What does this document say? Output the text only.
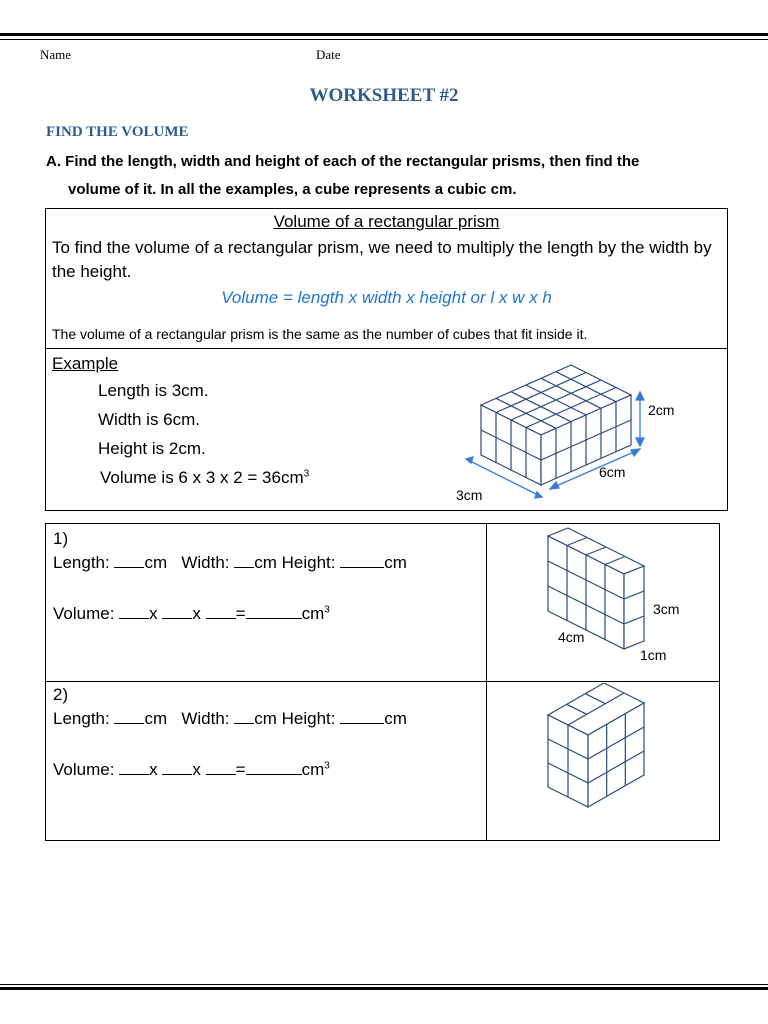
Name	Date
WORKSHEET #2
FIND THE VOLUME
A. Find the length, width and height of each of the rectangular prisms, then find the
volume of it. In all the examples, a cube represents a cubic cm.
Volume of a rectangular prism
To find the volume of a rectangular prism, we need to multiply the length by the width by the height.
Volume = length x width x height or l x w x h
The volume of a rectangular prism is the same as the number of cubes that fit inside it.
Example
Length is 3cm.
Width is 6cm.
Height is 2cm.
Volume is 6 x 3 x $2 = 36cm^3$
2cm
6cm
3cm
1)
Length: cm Width: cm Height:	cm
Volume: x x =	$cm^3$	3cm
4cm
1cm
2)
Length: cm Width: cm Height:	cm
Volume: x x =	$cm^3$
